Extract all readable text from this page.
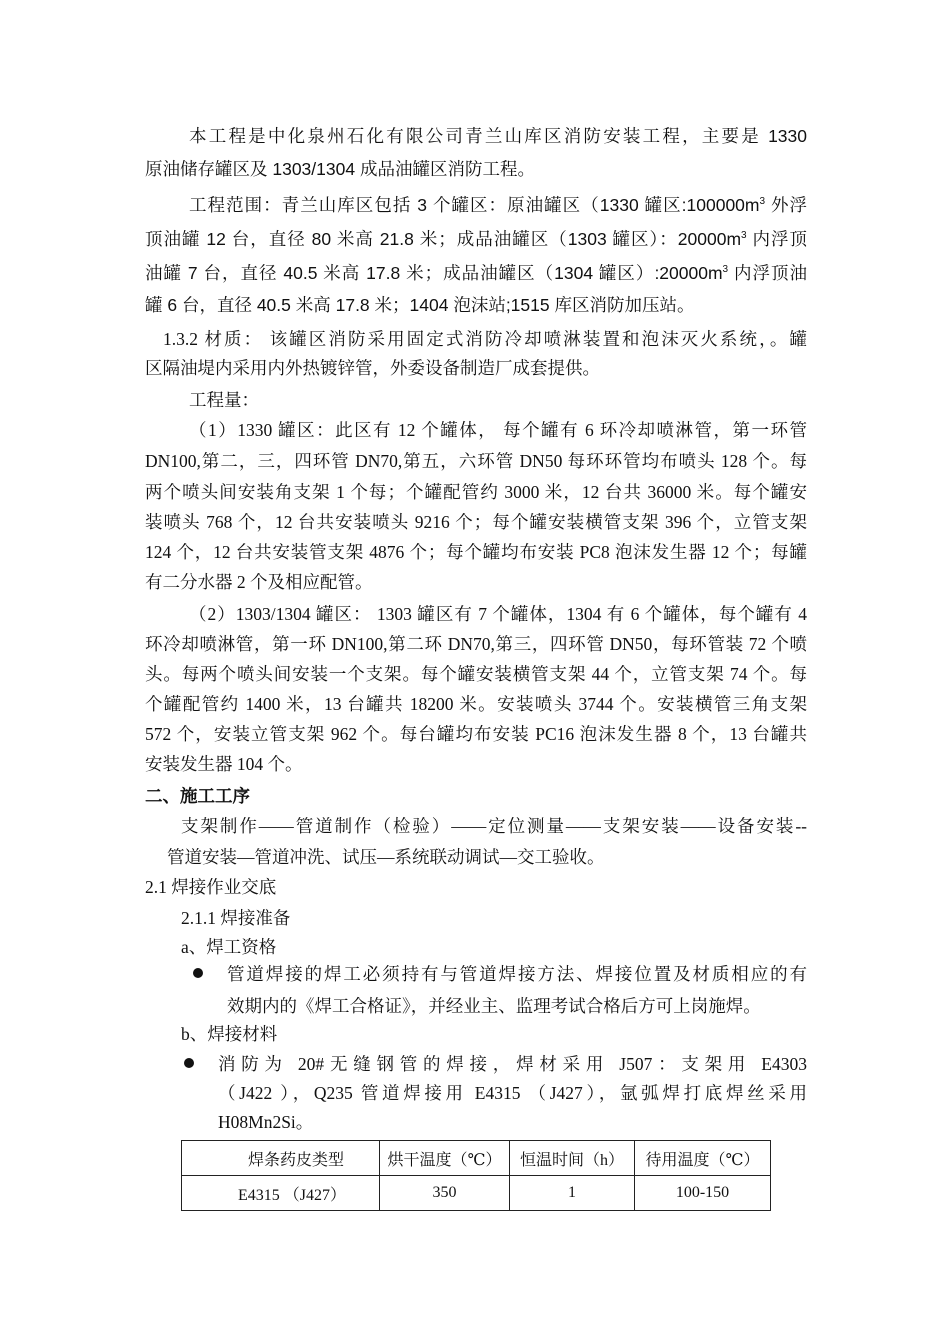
本工程是中化泉州石化有限公司青兰山库区消防安装工程，主要是 1330
原油储存罐区及 1303/1304 成品油罐区消防工程。
工程范围：青兰山库区包括 3 个罐区：原油罐区（1330 罐区$:100000m^3$ 外浮
顶油罐 12 台，直径 80 米高 21.8 米；成品油罐区（1303 罐区）：$20000m^3$ 内浮顶
油罐 7 台，直径 40.5 米高 17.8 米；成品油罐区（1304 罐区）$:20000m^3$ 内浮顶油
罐 6 台，直径 40.5 米高 17.8 米；1404 泡沫站;1515 库区消防加压站。
1.3.2 材质： 该罐区消防采用固定式消防冷却喷淋装置和泡沫灭火系统，。罐
区隔油堤内采用内外热镀锌管，外委设备制造厂成套提供。
工程量：
（1）1330 罐区：此区有 12 个罐体， 每个罐有 6 环冷却喷淋管，第一环管
DN100,第二，三，四环管 DN70,第五，六环管 DN50 每环环管均布喷头 128 个。每
两个喷头间安装角支架 1 个每；个罐配管约 3000 米，12 台共 36000 米。每个罐安
装喷头 768 个，12 台共安装喷头 9216 个；每个罐安装横管支架 396 个，立管支架
124 个，12 台共安装管支架 4876 个；每个罐均布安装 PC8 泡沫发生器 12 个；每罐
有二分水器 2 个及相应配管。
（2）1303/1304 罐区： 1303 罐区有 7 个罐体，1304 有 6 个罐体，每个罐有 4
环冷却喷淋管，第一环 DN100,第二环 DN70,第三，四环管 DN50，每环管装 72 个喷
头。每两个喷头间安装一个支架。每个罐安装横管支架 44 个，立管支架 74 个。每
个罐配管约 1400 米，13 台罐共 18200 米。安装喷头 3744 个。安装横管三角支架
572 个，安装立管支架 962 个。每台罐均布安装 PC16 泡沫发生器 8 个，13 台罐共
安装发生器 104 个。
二、施工工序
支架制作——管道制作（检验）——定位测量——支架安装——设备安装--
管道安装—管道冲洗、试压—系统联动调试—交工验收。
2.1 焊接作业交底
2.1.1 焊接准备
a、焊工资格
管道焊接的焊工必须持有与管道焊接方法、焊接位置及材质相应的有
效期内的《焊工合格证》，并经业主、监理考试合格后方可上岗施焊。
b、焊接材料
消防为 20#无缝钢管的焊接，焊材采用 J507：支架用 E4303
（J422 ），Q235 管道焊接用 E4315 （J427），氩弧焊打底焊丝采用
H08Mn2Si。
焊条药皮类型	烘干温度（℃）	恒温时间（h）	待用温度（℃）
E4315 （J427）	350	1	100-150
